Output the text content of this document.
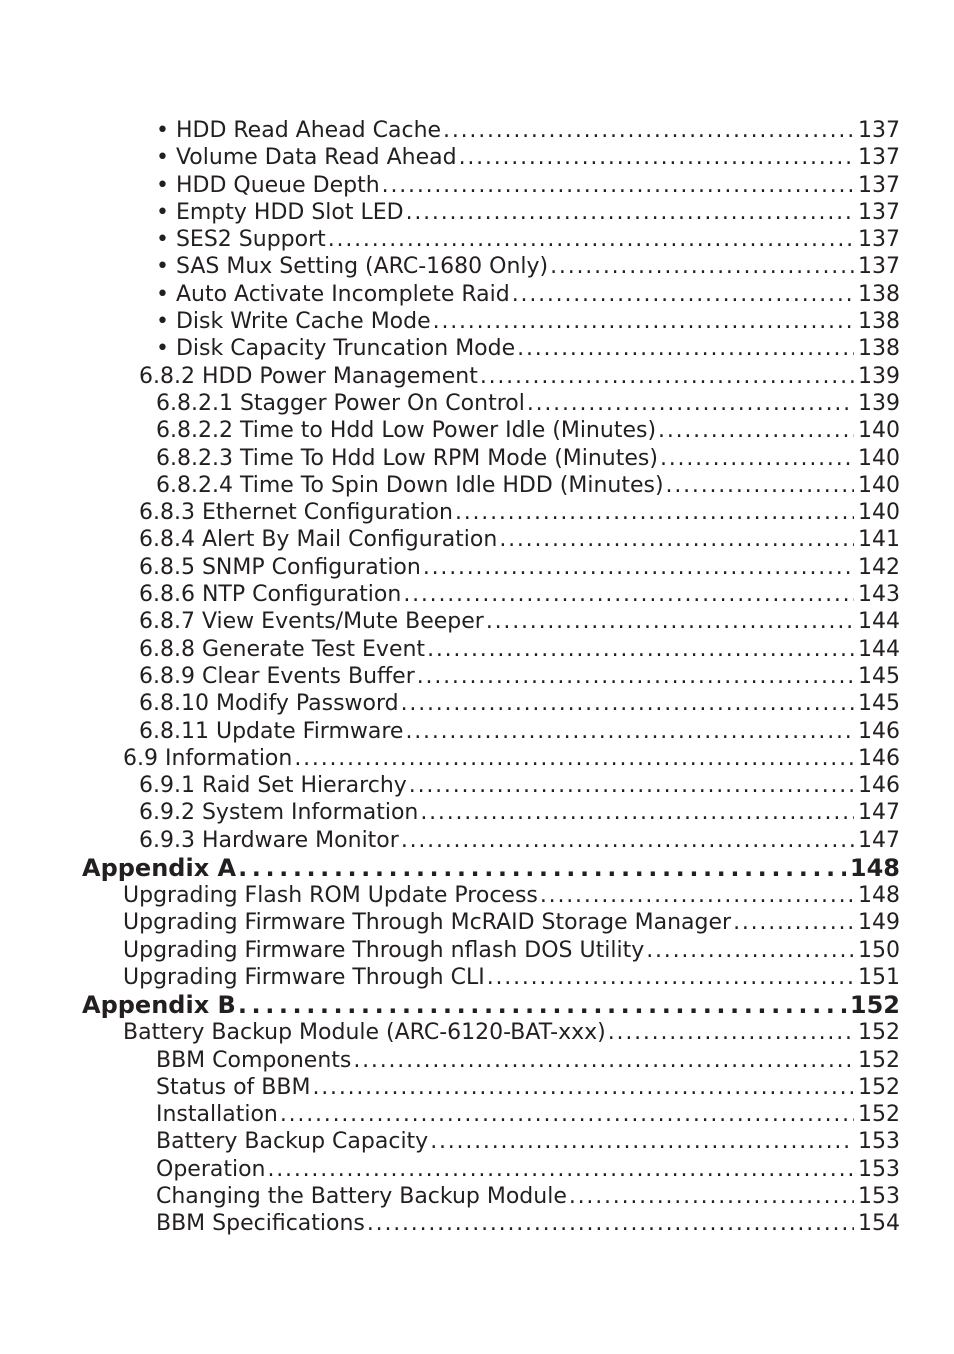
• HDD Read Ahead Cache . . .	137
• Volume Data Read Ahead . . .	137
• HDD Queue Depth . . .	137
• Empty HDD Slot LED . . .	137
• SES2 Support . . .	137
• SAS Mux Setting (ARC-1680 Only) . . .	137
• Auto Activate Incomplete Raid . . .	138
• Disk Write Cache Mode . . .	138
• Disk Capacity Truncation Mode . . .	138
6.8.2 HDD Power Management . . .	139
6.8.2.1 Stagger Power On Control . . .	139
6.8.2.2 Time to Hdd Low Power Idle (Minutes) . . .	140
6.8.2.3 Time To Hdd Low RPM Mode (Minutes) . . .	140
6.8.2.4 Time To Spin Down Idle HDD (Minutes) . . .	140
6.8.3 Ethernet Configuration . . .	140
6.8.4 Alert By Mail Configuration . . .	141
6.8.5 SNMP Configuration . . .	142
6.8.6 NTP Configuration . . .	143
6.8.7 View Events/Mute Beeper . . .	144
6.8.8 Generate Test Event . . .	144
6.8.9 Clear Events Buffer . . .	145
6.8.10 Modify Password . . .	145
6.8.11 Update Firmware . . .	146
6.9 Information . . .	146
6.9.1 Raid Set Hierarchy . . .	146
6.9.2 System Information . . .	147
6.9.3 Hardware Monitor . . .	147
Appendix A . . .	148
Upgrading Flash ROM Update Process . . .	148
Upgrading Firmware Through McRAID Storage Manager . . .	149
Upgrading Firmware Through nflash DOS Utility . . .	150
Upgrading Firmware Through CLI . . .	151
Appendix B . . .	152
Battery Backup Module (ARC-6120-BAT-xxx) . . .	152
BBM Components . . .	152
Status of BBM . . .	152
Installation . . .	152
Battery Backup Capacity . . .	153
Operation . . .	153
Changing the Battery Backup Module . . .	153
BBM Specifications . . .	154
